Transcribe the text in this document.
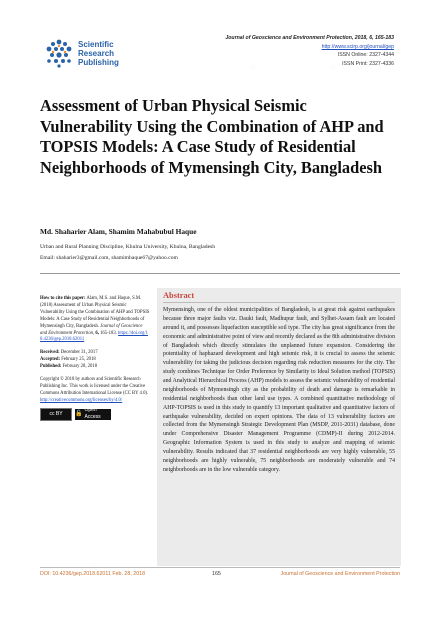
◌	◌
◌
Scientific
Research
Publishing
Journal of Geoscience and Environment Protection, 2018, 6, 165-183
http://www.scirp.org/journal/gep
ISSN Online: 2327-4344
ISSN Print: 2327-4336
Assessment of Urban Physical Seismic Vulnerability Using the Combination of AHP and TOPSIS Models: A Case Study of Residential Neighborhoods of Mymensingh City, Bangladesh
Md. Shaharier Alam, Shamim Mahabubul Haque
Urban and Rural Planning Discipline, Khulna University, Khulna, Bangladesh
Email: shaharier3@gmail.com, shamimhaque67@yahoo.com
How to cite this paper: Alam, M.S. and Haque, S.M. (2018) Assessment of Urban Physical Seismic Vulnerability Using the Combination of AHP and TOPSIS Models: A Case Study of Residential Neighborhoods of Mymensingh City, Bangladesh. Journal of Geoscience and Environment Protection, 6, 165-183. https://doi.org/10.4236/gep.2018.62011
Received: December 31, 2017
Accepted: February 25, 2018
Published: February 28, 2018
Copyright © 2018 by authors and Scientific Research Publishing Inc. This work is licensed under the Creative Commons Attribution International License (CC BY 4.0).
http://creativecommons.org/licenses/by/4.0/
cc BY	🔓
Open Access
Abstract

Mymensingh, one of the oldest municipalities of Bangladesh, is at great risk against earthquakes because three major faults viz. Dauki fault, Madhupur fault, and Sylhet-Assam fault are located around it, and possesses liquefaction susceptible soil type. The city has great significance from the economic and administrative point of view and recently declared as the 8th administrative division of Bangladesh which directly stimulates the unplanned future expansion. Considering the potentiality of haphazard development and high seismic risk, it is crucial to assess the seismic vulnerability for taking the judicious decision regarding risk reduction measures for the city. The study combines Technique for Order Preference by Similarity to Ideal Solution method (TOPSIS) and Analytical Hierarchical Process (AHP) models to assess the seismic vulnerability of residential neighborhoods of Mymensingh city as the probability of death and damage is remarkable in residential neighborhoods than other land use types. A combined quantitative methodology of AHP-TOPSIS is used in this study to quantify 13 important qualitative and quantitative factors of earthquake vulnerability, decided on expert opinions. The data of 13 vulnerability factors are collected from the Mymensingh Strategic Development Plan (MSDP, 2011-2031) database, done under Comprehensive Disaster Management Programme (CDMP)-II during 2012-2014. Geographic Information System is used in this study to analyze and mapping of seismic vulnerability. Results indicated that 37 residential neighborhoods are very highly vulnerable, 55 neighborhoods are highly vulnerable, 75 neighborhoods are moderately vulnerable and 74 neighborhoods are in the low vulnerable category.

DOI: 10.4236/gep.2018.62011 Feb. 28, 2018	165	Journal of Geoscience and Environment Protection
